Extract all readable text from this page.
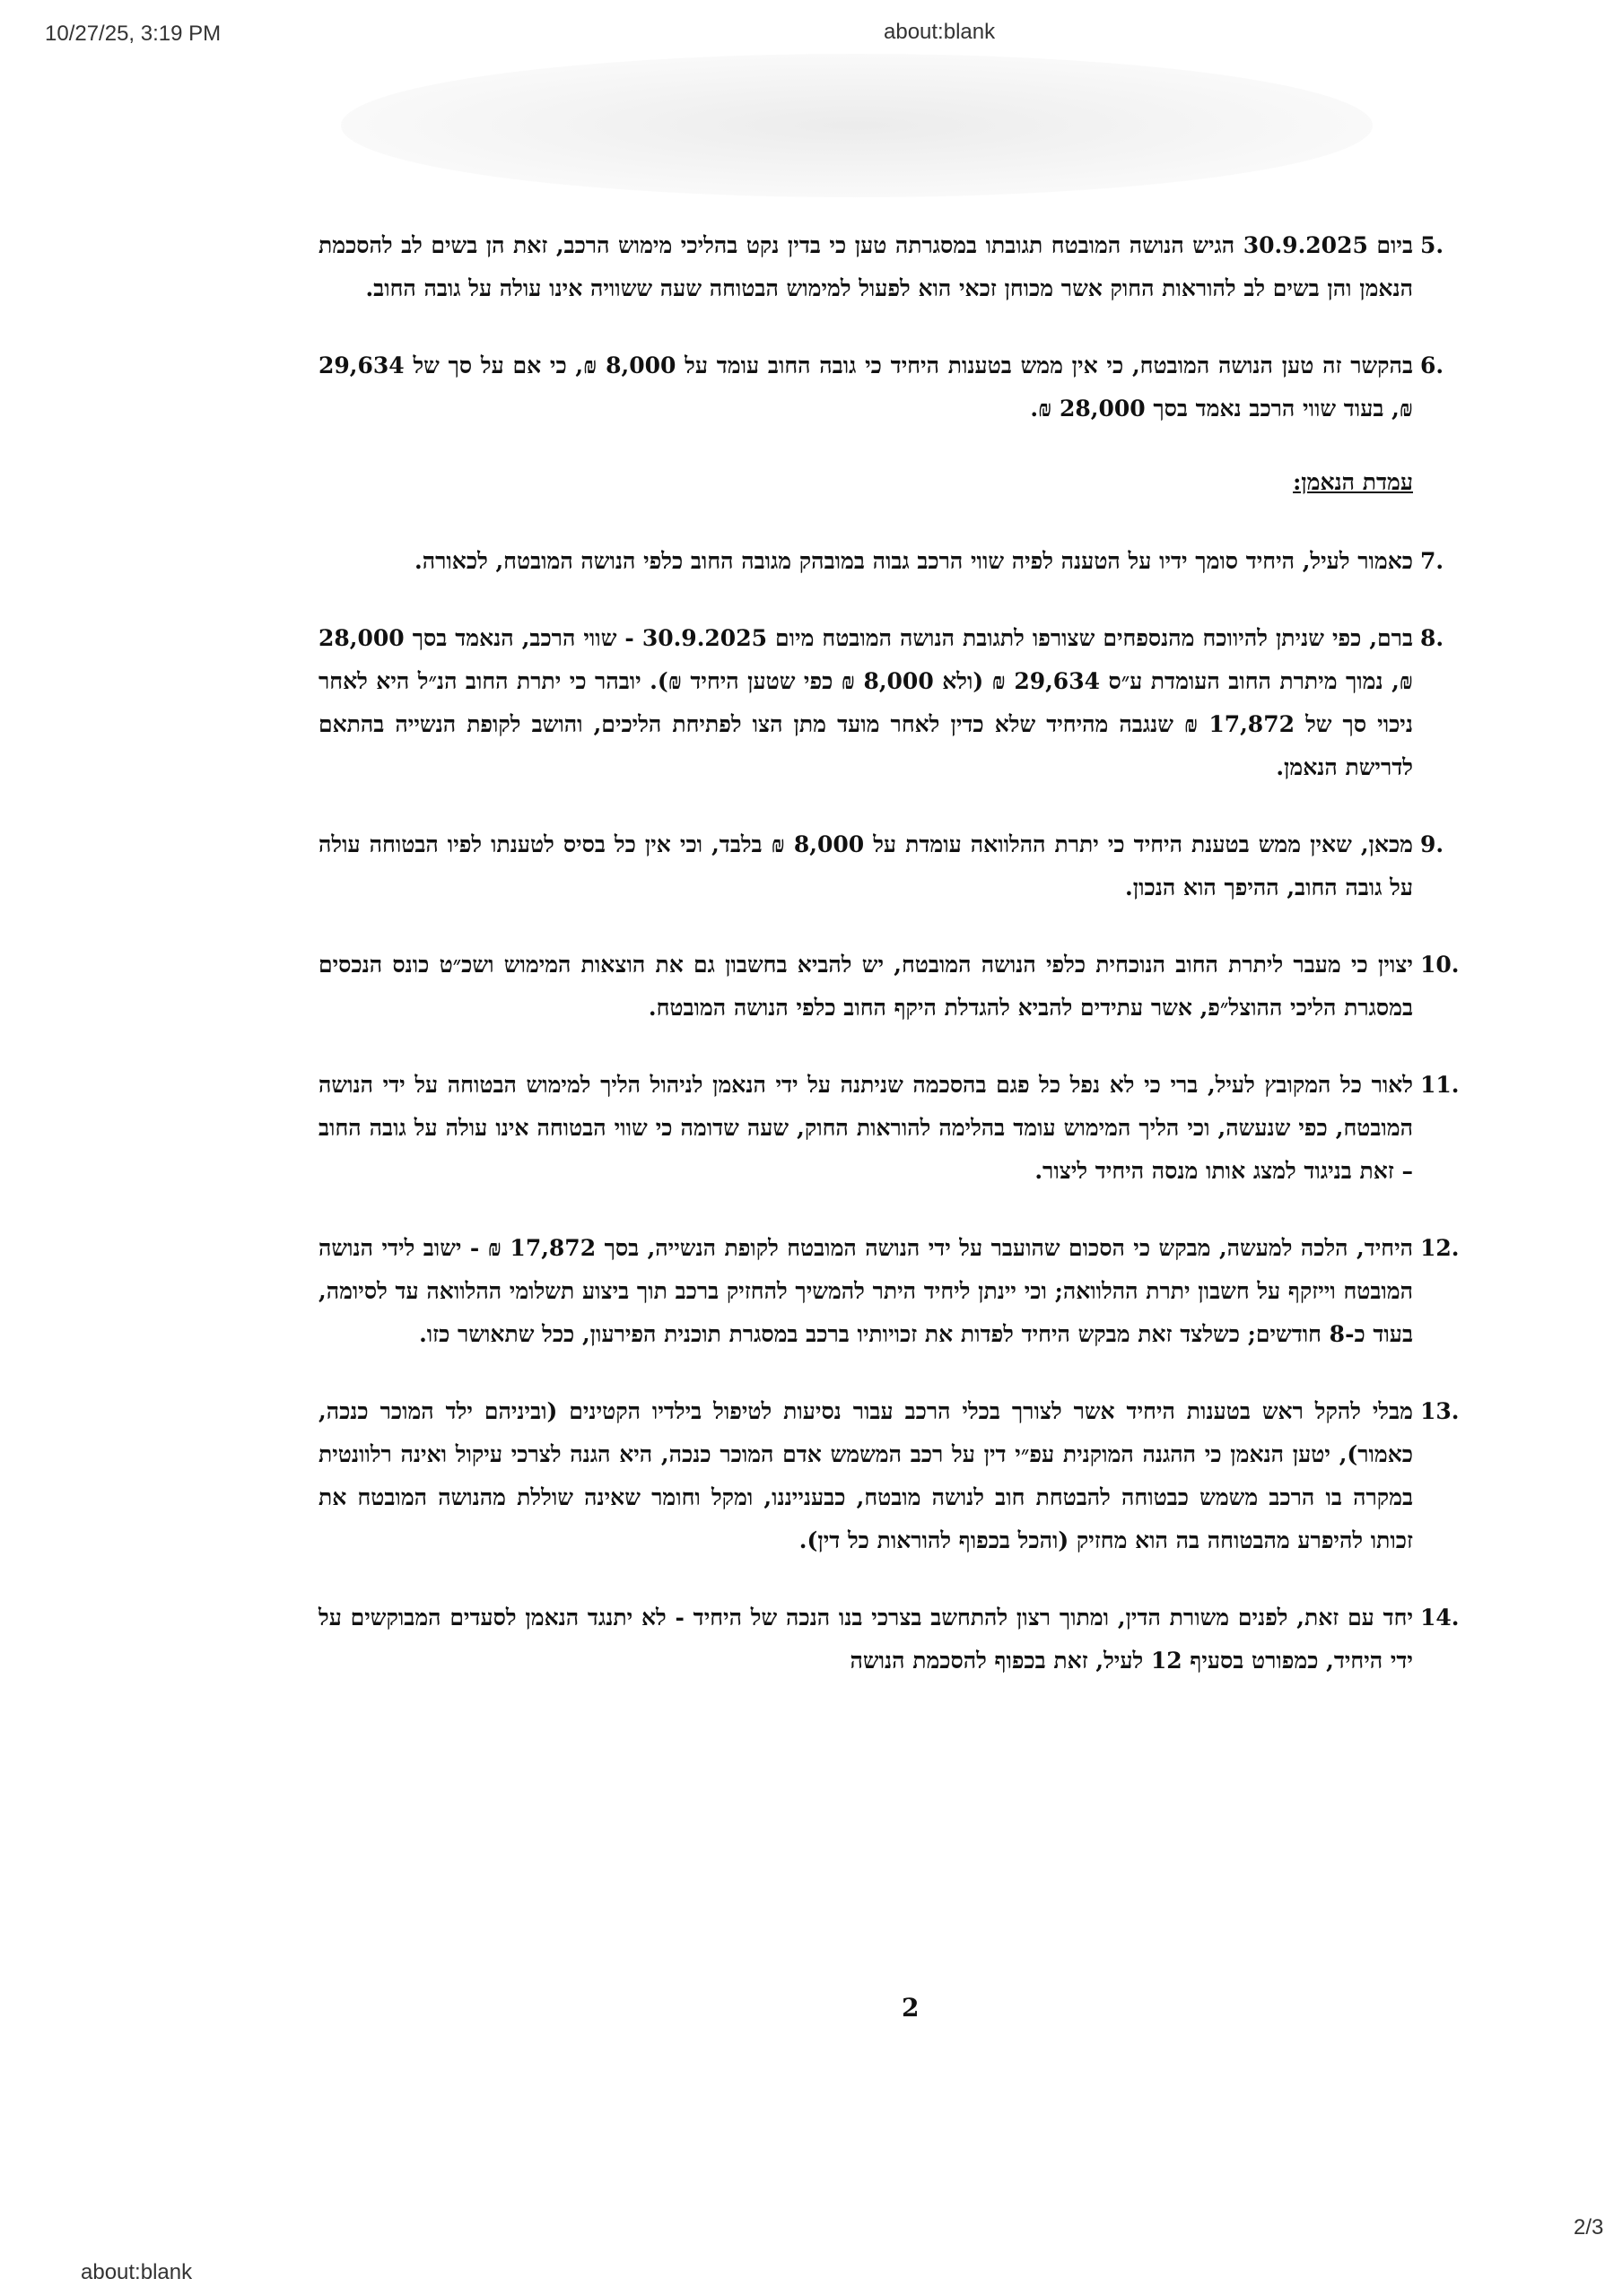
10/27/25, 3:19 PM	about:blank
5.
ביום 30.9.2025 הגיש הנושה המובטח תגובתו במסגרתה טען כי בדין נקט בהליכי מימוש הרכב, זאת הן בשים לב להסכמת הנאמן והן בשים לב להוראות החוק אשר מכוחן זכאי הוא לפעול למימוש הבטוחה שעה ששוויה אינו עולה על גובה החוב.
6.
בהקשר זה טען הנושה המובטח, כי אין ממש בטענות היחיד כי גובה החוב עומד על 8,000 ₪, כי אם על סך של 29,634 ₪, בעוד שווי הרכב נאמד בסך 28,000 ₪.
עמדת הנאמן:
7.
כאמור לעיל, היחיד סומך ידיו על הטענה לפיה שווי הרכב גבוה במובהק מגובה החוב כלפי הנושה המובטח, לכאורה.
8.
ברם, כפי שניתן להיווכח מהנספחים שצורפו לתגובת הנושה המובטח מיום 30.9.2025 - שווי הרכב, הנאמד בסך 28,000 ₪, נמוך מיתרת החוב העומדת ע״ס 29,634 ₪ (ולא 8,000 ₪ כפי שטען היחיד ₪). יובהר כי יתרת החוב הנ״ל היא לאחר ניכוי סך של 17,872 ₪ שנגבה מהיחיד שלא כדין לאחר מועד מתן הצו לפתיחת הליכים, והושב לקופת הנשייה בהתאם לדרישת הנאמן.
9.
מכאן, שאין ממש בטענת היחיד כי יתרת ההלוואה עומדת על 8,000 ₪ בלבד, וכי אין כל בסיס לטענתו לפיו הבטוחה עולה על גובה החוב, ההיפך הוא הנכון.
10.
יצוין כי מעבר ליתרת החוב הנוכחית כלפי הנושה המובטח, יש להביא בחשבון גם את הוצאות המימוש ושכ״ט כונס הנכסים במסגרת הליכי ההוצל״פ, אשר עתידים להביא להגדלת היקף החוב כלפי הנושה המובטח.
11.
לאור כל המקובץ לעיל, ברי כי לא נפל כל פגם בהסכמה שניתנה על ידי הנאמן לניהול הליך למימוש הבטוחה על ידי הנושה המובטח, כפי שנעשה, וכי הליך המימוש עומד בהלימה להוראות החוק, שעה שדומה כי שווי הבטוחה אינו עולה על גובה החוב – זאת בניגוד למצג אותו מנסה היחיד ליצור.
12.
היחיד, הלכה למעשה, מבקש כי הסכום שהועבר על ידי הנושה המובטח לקופת הנשייה, בסך 17,872 ₪ - ישוב לידי הנושה המובטח וייזקף על חשבון יתרת ההלוואה; וכי יינתן ליחיד היתר להמשיך להחזיק ברכב תוך ביצוע תשלומי ההלוואה עד לסיומה, בעוד כ-8 חודשים; כשלצד זאת מבקש היחיד לפדות את זכויותיו ברכב במסגרת תוכנית הפירעון, ככל שתאושר כזו.
13.
מבלי להקל ראש בטענות היחיד אשר לצורך בכלי הרכב עבור נסיעות לטיפול בילדיו הקטינים (וביניהם ילד המוכר כנכה, כאמור), יטען הנאמן כי ההגנה המוקנית עפ״י דין על רכב המשמש אדם המוכר כנכה, היא הגנה לצרכי עיקול ואינה רלוונטית במקרה בו הרכב משמש כבטוחה להבטחת חוב לנושה מובטח, כבענייננו, ומקל וחומר שאינה שוללת מהנושה המובטח את זכותו להיפרע מהבטוחה בה הוא מחזיק (והכל בכפוף להוראות כל דין).
14.
יחד עם זאת, לפנים משורת הדין, ומתוך רצון להתחשב בצרכי בנו הנכה של היחיד - לא יתנגד הנאמן לסעדים המבוקשים על ידי היחיד, כמפורט בסעיף 12 לעיל, זאת בכפוף להסכמת הנושה
2
about:blank
2/3
